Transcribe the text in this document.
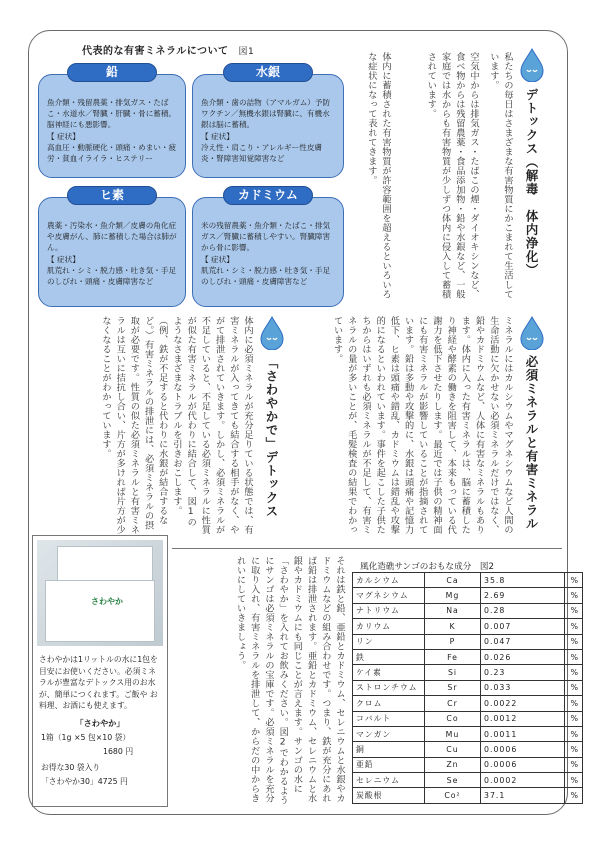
代表的な有害ミネラルについて 図1
鉛
魚介類・残留農薬・排気ガス・たばこ・水道水／腎臓・肝臓・骨に蓄積。脳神経にも悪影響。
【 症状】
高血圧・動脈硬化・頭痛・めまい・疲労・貧血イライラ・ヒステリー
水銀
魚介類・歯の詰物（アマルガム）予防ワクチン／無機水銀は腎臓に、有機水銀は脳に蓄積。
【 症状】
冷え性・肩こり・アレルギー性皮膚炎・腎障害知覚障害など
ヒ素
農薬・汚染水・魚介類／皮膚の角化症や皮膚がん、肺に蓄積した場合は肺がん。
【 症状】
肌荒れ・シミ・脱力感・吐き気・手足のしびれ・頭痛・皮膚障害など
カドミウム
米の残留農薬・魚介類・たばこ・排気ガス／腎臓に蓄積しやすい。腎臓障害から骨に影響。
【 症状】
肌荒れ・シミ・脱力感・吐き気・手足のしびれ・頭痛・皮膚障害など
デトックス（解毒　体内浄化）
私たちの毎日はさまざまな有害物質にかこまれて生活しています。
空気中からは排気ガス・たばこの煙・ダイオキシンなど、食べ物からは残留農薬・食品添加物・鉛や水銀など、一般家庭では水からも有害物質が少しずつ体内に侵入して蓄積されています。
体内に蓄積された有害物質が許容範囲を超えるといろいろな症状になって表れてきます。
必須ミネラルと有害ミネラル
ミネラルにはカルシウムやマグネシウムなど人間の生命活動に欠かせない必須ミネラルだけではなく、鉛やカドミウムなど、人体に有害なミネラルもあります。体内に入った有害ミネラルは、脳に蓄積したり神経や酵素の働きを阻害して、本来もっている代謝力を低下させたりします。最近では子供の精神面にも有害ミネラルが影響していることが指摘されています。鉛は多動や攻撃的に、水銀は頭痛や記憶力低下、ヒ素は頭痛や錯乱、カドミウムは錯乱や攻撃的になるといわれています。事件を起こした子供たちからはいずれも必須ミネラルが不足して、有害ミネラルの量が多いことが、毛髪検査の結果でわかっています。
「さわやかで」デトックス
体内に必須ミネラルが充分足りている状態では、有害ミネラルが入ってきても結合する相手がなく、やがて排泄されていきます。しかし、必須ミネラルが不足していると、不足している必須ミネラルに性質が似た有害ミネラルが代わりに結合して、図1のようなさまざまなトラブルを引きおこします。（例、鉄が不足すると代わりに水銀が結合するなど。）有害ミネラルの排泄には、必須ミネラルの摂取が必要です。性質の似た必須ミネラルと有害ミネラルは互いに拮抗し合い、片方が多ければ片方が少なくなることがわかっています。
さわやか
さわやかは1リットルの水に1包を目安にお使いください。必須ミネラルが豊富なデトックス用のお水が、簡単につくれます。ご飯や お料理、お酒にも使えます。
「さわやか」
1箱（1g ×5 包×10 袋）
1680 円
お得な30 袋入り
「さわやか30」4725 円	それは鉄と鉛、亜鉛とカドミウム、セレニウムと水銀やカドミウムなどの組み合わせです。つまり、鉄が充分にあれば鉛は排泄されます。亜鉛とカドミウム、セレニウムと水銀やカドミウムにも同じことが言えます。サンゴの水に「さわやか」を入れてお飲みください。図2でわかるようにサンゴは必須ミネラルの宝庫です。必須ミネラルを充分に取り入れ、有害ミネラルを排泄して、からだの中からきれいにしていきましょう。	風化造礁サンゴのおもな成分　図2
カルシウム	Ca	35.8	%
マグネシウム	Mg	2.69	%
ナトリウム	Na	0.28	%
カリウム	K	0.007	%
リン	P	0.047	%
鉄	Fe	0.026	%
ケイ素	Si	0.23	%
ストロンチウム	Sr	0.033	%
クロム	Cr	0.0022	%
コバルト	Co	0.0012	%
マンガン	Mu	0.0011	%
銅	Cu	0.0006	%
亜鉛	Zn	0.0006	%
セレニウム	Se	0.0002	%
炭酸根	Co²	37.1	%
